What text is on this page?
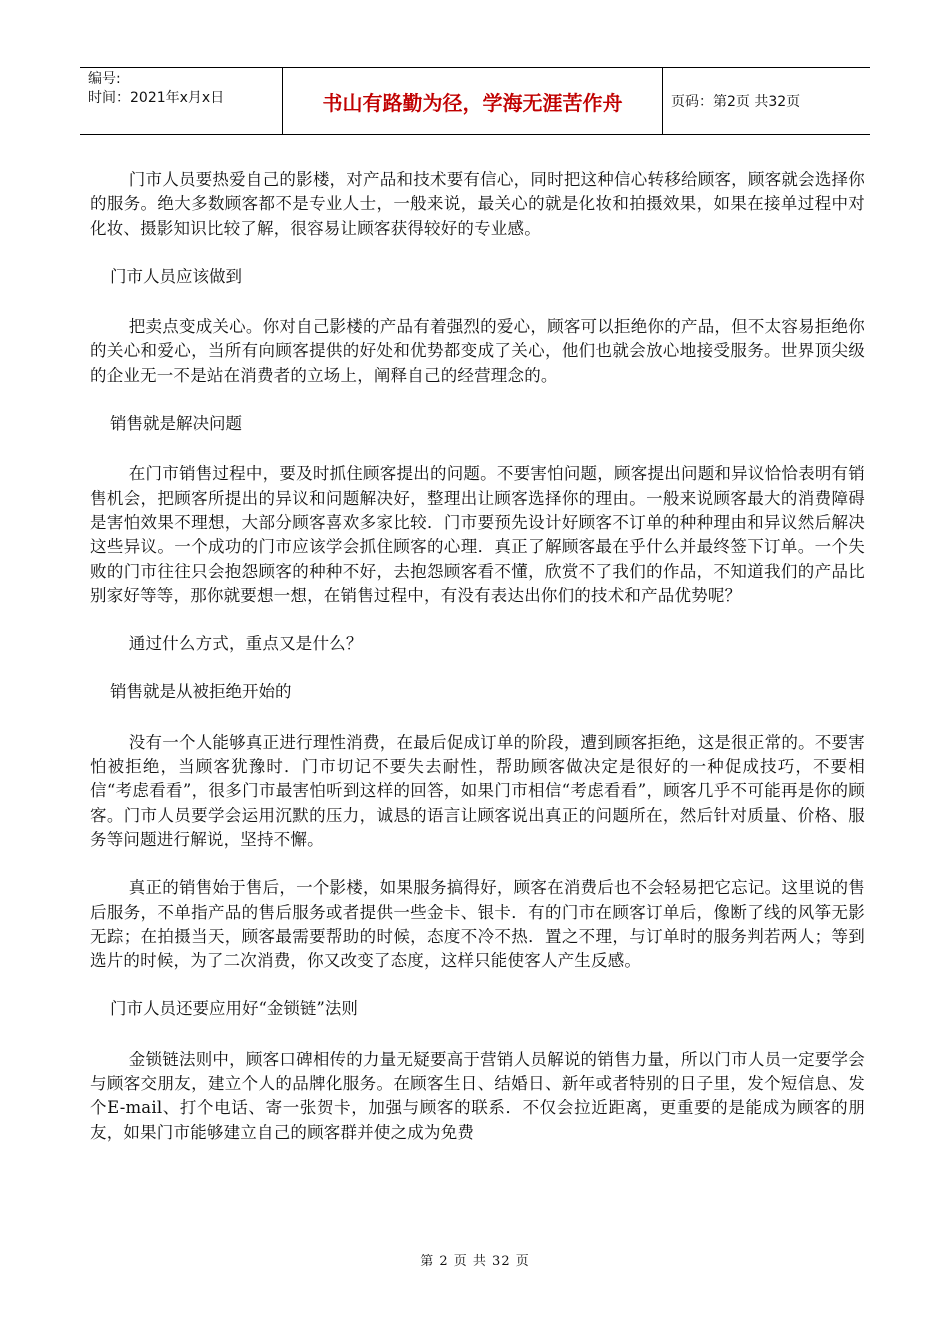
编号:
时间：2021年x月x日	书山有路勤为径，学海无涯苦作舟	页码：第2页 共32页

门市人员要热爱自己的影楼，对产品和技术要有信心，同时把这种信心转移给顾客，顾客就会选择你的服务。绝大多数顾客都不是专业人士，一般来说，最关心的就是化妆和拍摄效果，如果在接单过程中对化妆、摄影知识比较了解，很容易让顾客获得较好的专业感。

门市人员应该做到

把卖点变成关心。你对自己影楼的产品有着强烈的爱心，顾客可以拒绝你的产品，但不太容易拒绝你的关心和爱心，当所有向顾客提供的好处和优势都变成了关心，他们也就会放心地接受服务。世界顶尖级的企业无一不是站在消费者的立场上，阐释自己的经营理念的。

销售就是解决问题

在门市销售过程中，要及时抓住顾客提出的问题。不要害怕问题，顾客提出问题和异议恰恰表明有销售机会，把顾客所提出的异议和问题解决好，整理出让顾客选择你的理由。一般来说顾客最大的消费障碍是害怕效果不理想，大部分顾客喜欢多家比较．门市要预先设计好顾客不订单的种种理由和异议然后解决这些异议。一个成功的门市应该学会抓住顾客的心理．真正了解顾客最在乎什么并最终签下订单。一个失败的门市往往只会抱怨顾客的种种不好，去抱怨顾客看不懂，欣赏不了我们的作品，不知道我们的产品比别家好等等，那你就要想一想，在销售过程中，有没有表达出你们的技术和产品优势呢？

通过什么方式，重点又是什么？

销售就是从被拒绝开始的

没有一个人能够真正进行理性消费，在最后促成订单的阶段，遭到顾客拒绝，这是很正常的。不要害怕被拒绝，当顾客犹豫时．门市切记不要失去耐性，帮助顾客做决定是很好的一种促成技巧，不要相信“考虑看看”，很多门市最害怕听到这样的回答，如果门市相信“考虑看看”，顾客几乎不可能再是你的顾客。门市人员要学会运用沉默的压力，诚恳的语言让顾客说出真正的问题所在，然后针对质量、价格、服务等问题进行解说，坚持不懈。

真正的销售始于售后，一个影楼，如果服务搞得好，顾客在消费后也不会轻易把它忘记。这里说的售后服务，不单指产品的售后服务或者提供一些金卡、银卡．有的门市在顾客订单后，像断了线的风筝无影无踪；在拍摄当天，顾客最需要帮助的时候，态度不冷不热．置之不理，与订单时的服务判若两人；等到选片的时候，为了二次消费，你又改变了态度，这样只能使客人产生反感。

门市人员还要应用好“金锁链”法则

金锁链法则中，顾客口碑相传的力量无疑要高于营销人员解说的销售力量，所以门市人员一定要学会与顾客交朋友，建立个人的品牌化服务。在顾客生日、结婚日、新年或者特别的日子里，发个短信息、发个E-mail、打个电话、寄一张贺卡，加强与顾客的联系．不仅会拉近距离，更重要的是能成为顾客的朋友，如果门市能够建立自己的顾客群并使之成为免费

第 2 页 共 32 页
